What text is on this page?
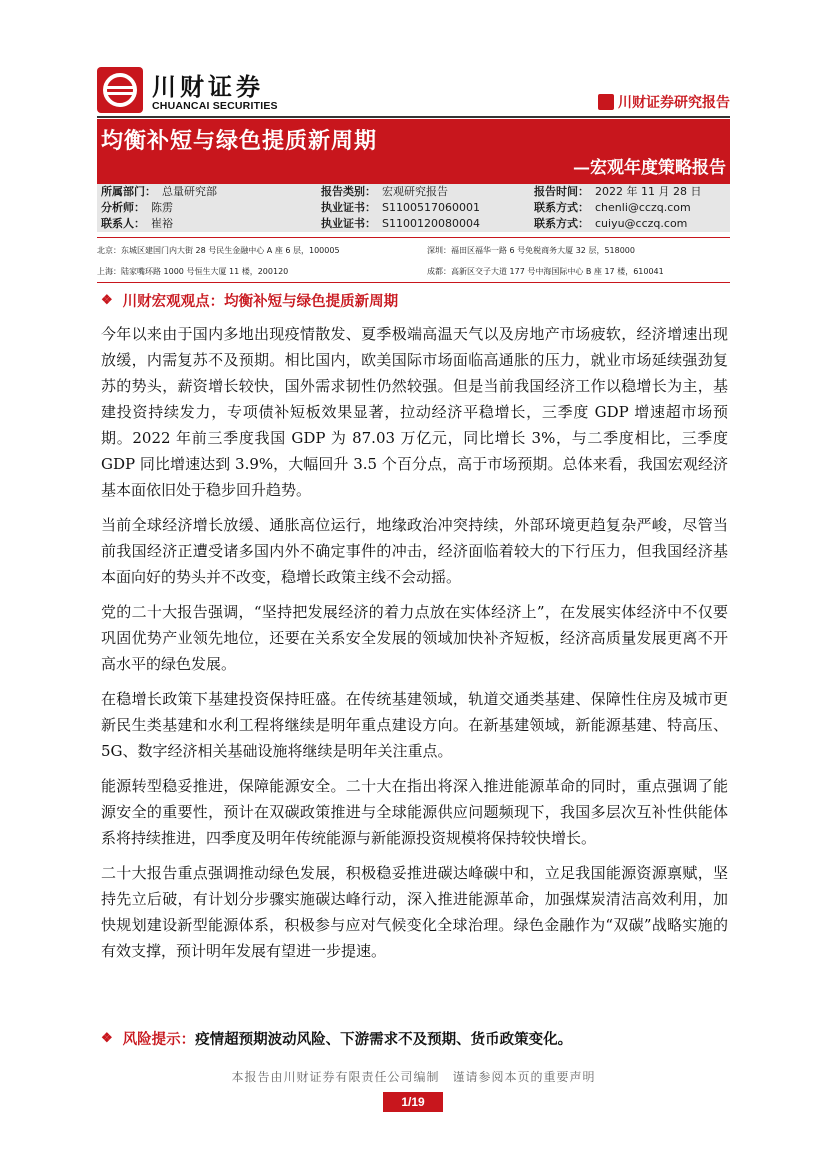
川财证券
CHUANCAI SECURITIES	川财证券研究报告
均衡补短与绿色提质新周期
—宏观年度策略报告
所属部门： 总量研究部	报告类别： 宏观研究报告	报告时间： 2022 年 11 月 28 日
分析师： 陈雳	执业证书： S1100517060001	联系方式： chenli@cczq.com
联系人： 崔裕	执业证书： S1100120080004	联系方式： cuiyu@cczq.com
北京：东城区建国门内大街 28 号民生金融中心 A 座 6 层，100005	深圳：福田区福华一路 6 号免税商务大厦 32 层，518000
上海：陆家嘴环路 1000 号恒生大厦 11 楼，200120	成都：高新区交子大道 177 号中海国际中心 B 座 17 楼，610041
❖ 川财宏观观点：均衡补短与绿色提质新周期

今年以来由于国内多地出现疫情散发、夏季极端高温天气以及房地产市场疲软，经济增速出现放缓，内需复苏不及预期。相比国内，欧美国际市场面临高通胀的压力，就业市场延续强劲复苏的势头，薪资增长较快，国外需求韧性仍然较强。但是当前我国经济工作以稳增长为主，基建投资持续发力，专项债补短板效果显著，拉动经济平稳增长，三季度 GDP 增速超市场预期。2022 年前三季度我国 GDP 为 87.03 万亿元，同比增长 3%，与二季度相比，三季度 GDP 同比增速达到 3.9%，大幅回升 3.5 个百分点，高于市场预期。总体来看，我国宏观经济基本面依旧处于稳步回升趋势。

当前全球经济增长放缓、通胀高位运行，地缘政治冲突持续，外部环境更趋复杂严峻，尽管当前我国经济正遭受诸多国内外不确定事件的冲击，经济面临着较大的下行压力，但我国经济基本面向好的势头并不改变，稳增长政策主线不会动摇。

党的二十大报告强调，“坚持把发展经济的着力点放在实体经济上”，在发展实体经济中不仅要巩固优势产业领先地位，还要在关系安全发展的领域加快补齐短板，经济高质量发展更离不开高水平的绿色发展。

在稳增长政策下基建投资保持旺盛。在传统基建领域，轨道交通类基建、保障性住房及城市更新民生类基建和水利工程将继续是明年重点建设方向。在新基建领域，新能源基建、特高压、5G、数字经济相关基础设施将继续是明年关注重点。

能源转型稳妥推进，保障能源安全。二十大在指出将深入推进能源革命的同时，重点强调了能源安全的重要性，预计在双碳政策推进与全球能源供应问题频现下，我国多层次互补性供能体系将持续推进，四季度及明年传统能源与新能源投资规模将保持较快增长。

二十大报告重点强调推动绿色发展，积极稳妥推进碳达峰碳中和，立足我国能源资源禀赋，坚持先立后破，有计划分步骤实施碳达峰行动，深入推进能源革命，加强煤炭清洁高效利用，加快规划建设新型能源体系，积极参与应对气候变化全球治理。绿色金融作为“双碳”战略实施的有效支撑，预计明年发展有望进一步提速。

❖ 风险提示： 疫情超预期波动风险、下游需求不及预期、货币政策变化。
本报告由川财证券有限责任公司编制　谨请参阅本页的重要声明
1/19
